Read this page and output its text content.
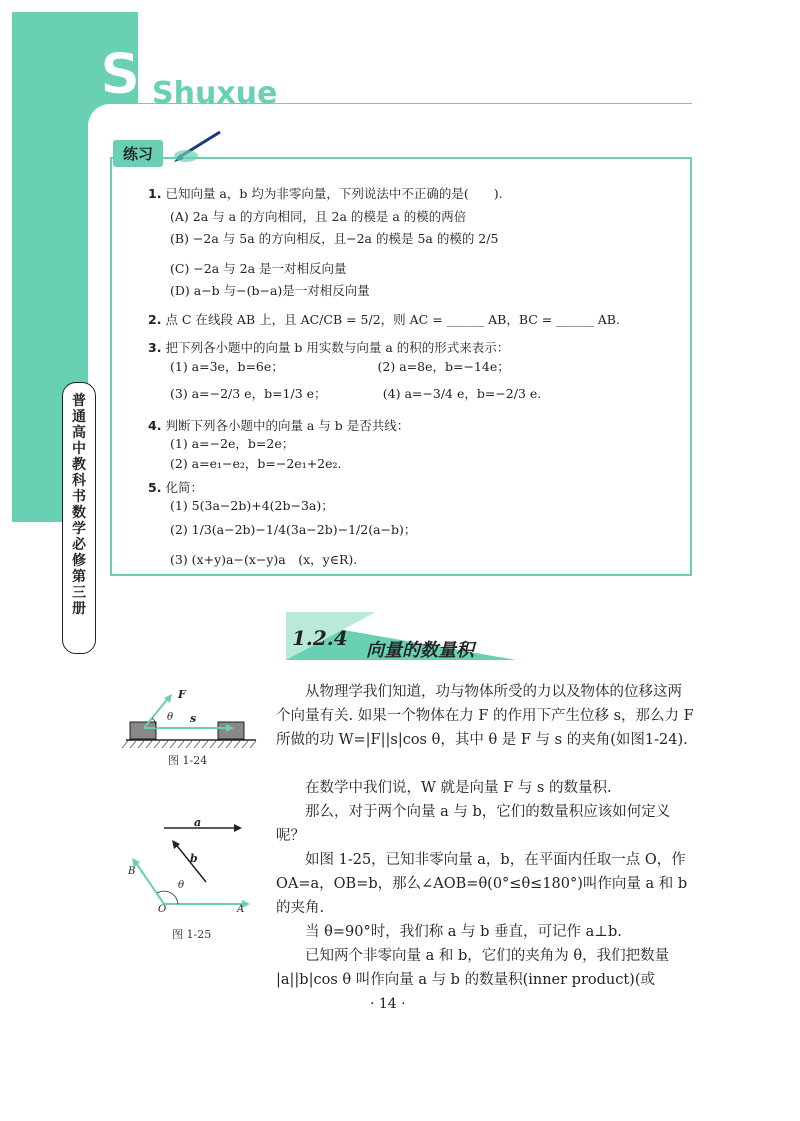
S Shuxue
普
通
高
中
教
科
书
数
学
必
修
第
三
册
练习
1. 已知向量 a，b 均为非零向量，下列说法中不正确的是(　　).
(A) 2a 与 a 的方向相同，且 2a 的模是 a 的模的两倍
(B) −2a 与 5a 的方向相反，且−2a 的模是 5a 的模的 2/5
(C) −2a 与 2a 是一对相反向量
(D) a−b 与−(b−a)是一对相反向量
2. 点 C 在线段 AB 上，且 AC/CB = 5/2，则 AC = ______ AB，BC = ______ AB.
3. 把下列各小题中的向量 b 用实数与向量 a 的积的形式来表示：
(1) a=3e，b=6e；　　　　　　　　(2) a=8e，b=−14e；
(3) a=−2/3 e，b=1/3 e；　　　　　(4) a=−3/4 e，b=−2/3 e.
4. 判断下列各小题中的向量 a 与 b 是否共线：
(1) a=−2e，b=2e；
(2) a=e₁−e₂，b=−2e₁+2e₂.
5. 化简：
(1) 5(3a−2b)+4(2b−3a)；
(2) 1/3(a−2b)−1/4(3a−2b)−1/2(a−b)；
(3) (x+y)a−(x−y)a　(x，y∈R).
1.2.4
向量的数量积
F
s
θ
图 1-24
a
b
B
O	A
θ
图 1-25
　　从物理学我们知道，功与物体所受的力以及物体的位移这两个向量有关. 如果一个物体在力 F 的作用下产生位移 s，那么力 F 所做的功 W=|F||s|cos θ，其中 θ 是 F 与 s 的夹角(如图1-24).
　　在数学中我们说，W 就是向量 F 与 s 的数量积.
　　那么，对于两个向量 a 与 b，它们的数量积应该如何定义呢？
　　如图 1-25，已知非零向量 a，b，在平面内任取一点 O，作 OA=a，OB=b，那么∠AOB=θ(0°≤θ≤180°)叫作向量 a 和 b 的夹角.
　　当 θ=90°时，我们称 a 与 b 垂直，可记作 a⊥b.
　　已知两个非零向量 a 和 b，它们的夹角为 θ，我们把数量 |a||b|cos θ 叫作向量 a 与 b 的数量积(inner product)(或
· 14 ·
